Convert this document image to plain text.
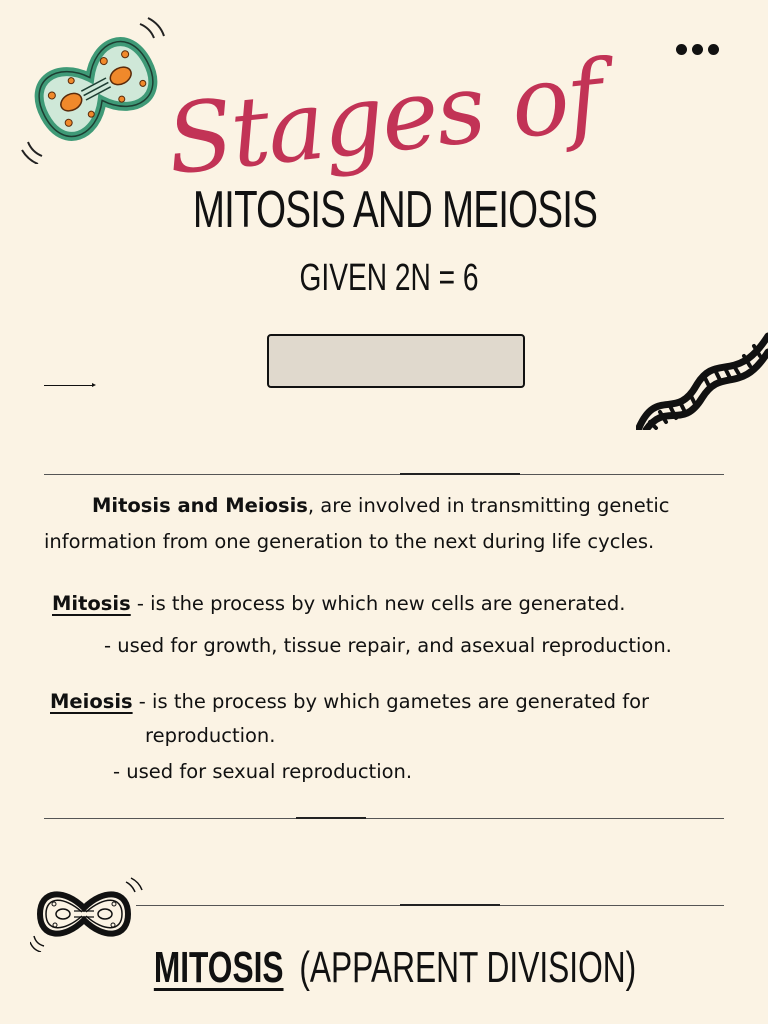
Stages of
MITOSIS AND MEIOSIS
GIVEN 2N = 6
Mitosis and Meiosis, are involved in transmitting genetic information from one generation to the next during life cycles.
Mitosis - is the process by which new cells are generated.
- used for growth, tissue repair, and asexual reproduction.
Meiosis - is the process by which gametes are generated for
reproduction.
- used for sexual reproduction.
MITOSIS (APPARENT DIVISION)
